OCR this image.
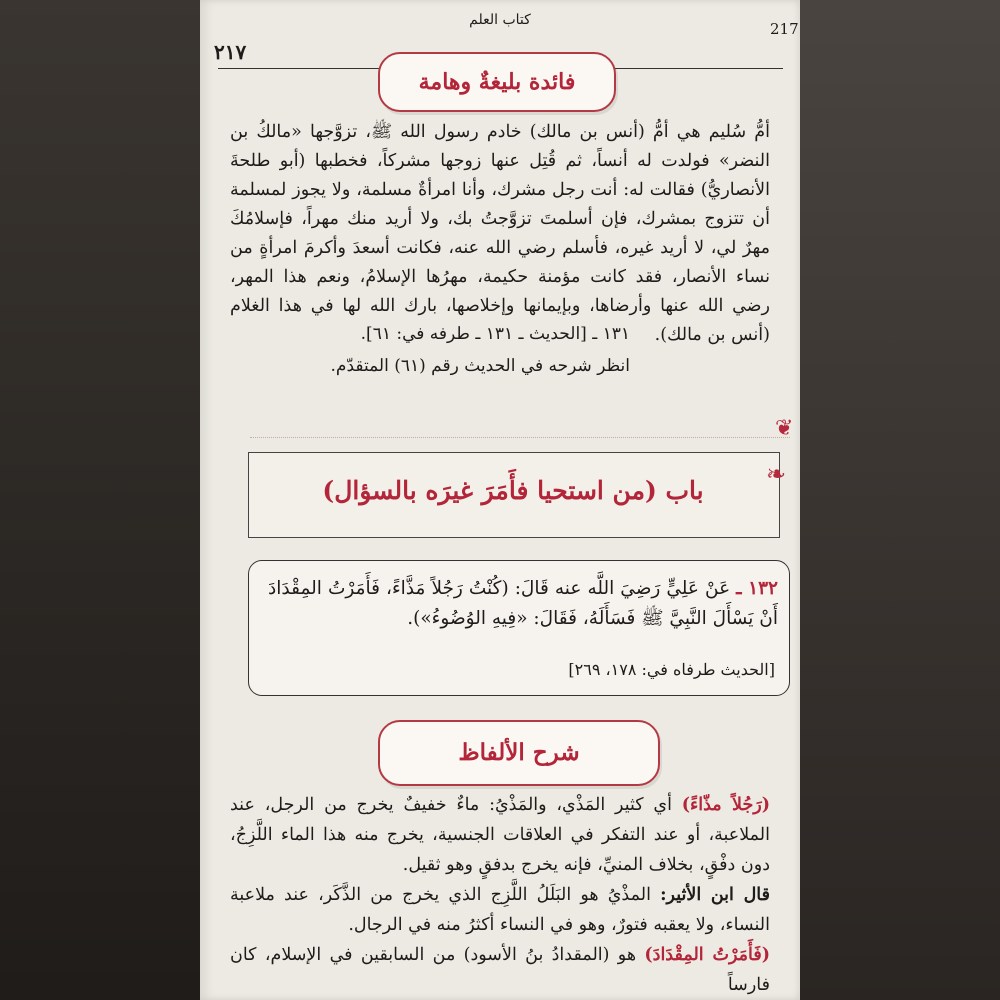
كتاب العلم
٢١٧
217
فائدة بليغةٌ وهامة
أمُّ سُليم هي أمُّ (أنس بن مالك) خادم رسول الله ﷺ، تزوَّجها «مالكُ بن النضر» فولدت له أنساً، ثم قُتِل عنها زوجها مشركاً، فخطبها (أبو طلحةَ الأنصاريُّ) فقالت له: أنت رجل مشرك، وأنا امرأةٌ مسلمة، ولا يجوز لمسلمة أن تتزوج بمشرك، فإن أسلمتَ تزوَّجتُ بك، ولا أريد منك مهراً، فإسلامُكَ مهرٌ لي، لا أريد غيره، فأسلم رضي الله عنه، فكانت أسعدَ وأكرمَ امرأةٍ من نساء الأنصار، فقد كانت مؤمنة حكيمة، مهرُها الإسلامُ، ونعم هذا المهر، رضي الله عنها وأرضاها، وبإيمانها وإخلاصها، بارك الله لها في هذا الغلام (أنس بن مالك).
١٣١ ـ [الحديث ـ ١٣١ ـ طرفه في: ٦١].
انظر شرحه في الحديث رقم (٦١) المتقدّم.
❦
❧
باب (من استحيا فأَمَرَ غيرَه بالسؤال)
١٣٢ ـ عَنْ عَلِيٍّ رَضِيَ اللَّه عنه قَالَ: (كُنْتُ رَجُلاً مَذَّاءً، فَأَمَرْتُ المِقْدَادَ أَنْ يَسْأَلَ النَّبِيَّ ﷺ فَسَأَلَهُ، فَقَالَ: «فِيهِ الوُضُوءُ»).
[الحديث طرفاه في: ١٧٨، ٢٦٩]
شرح الألفاظ
(رَجُلاً مذّاءً) أي كثير المَذْي، والمَذْيُ: ماءٌ خفيفٌ يخرج من الرجل، عند الملاعبة، أو عند التفكر في العلاقات الجنسية، يخرج منه هذا الماء اللَّزِجُ، دون دفْقٍ، بخلاف المنيِّ، فإنه يخرج بدفقٍ وهو ثقيل.
قال ابن الأثير: المذْيُ هو البَلَلُ اللَّزِج الذي يخرج من الذَّكَر، عند ملاعبة النساء، ولا يعقبه فتورٌ، وهو في النساء أكثرُ منه في الرجال.
(فَأَمَرْتُ المِقْدَادَ) هو (المقدادُ بنُ الأسود) من السابقين في الإسلام، كان فارساً
